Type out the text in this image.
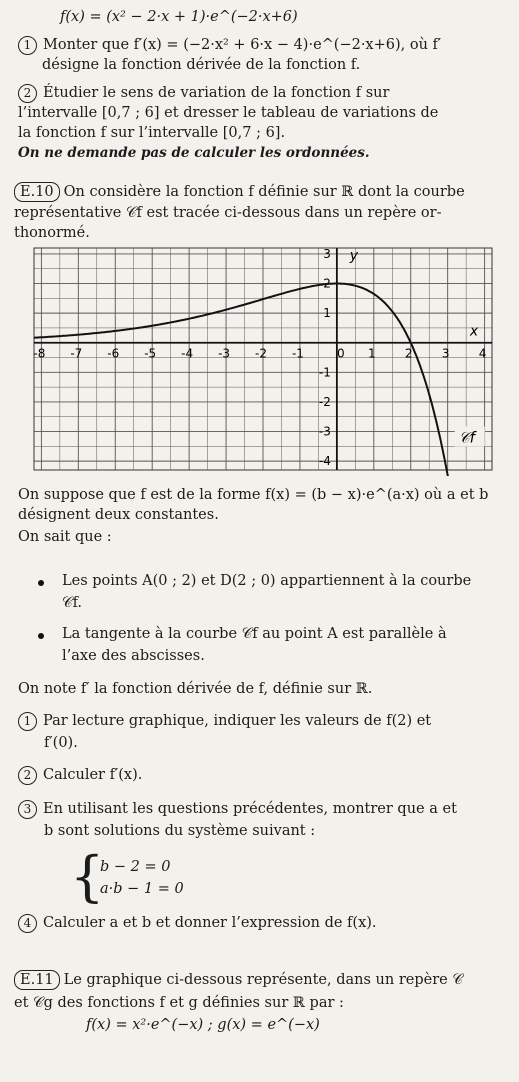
f(x) = (x² − 2·x + 1)·e^(−2·x+6)
1 Monter que f′(x) = (−2·x² + 6·x − 4)·e^(−2·x+6), où f′
désigne la fonction dérivée de la fonction f.
2 Étudier le sens de variation de la fonction f sur
l’intervalle [0,7 ; 6] et dresser le tableau de variations de
la fonction f sur l’intervalle [0,7 ; 6].
On ne demande pas de calculer les ordonnées.
E.10 On considère la fonction f définie sur ℝ dont la courbe
représentative 𝒞f est tracée ci-dessous dans un repère or-
thonormé.
-8 -7 -6 -5 -4 -3 -2 -1	0 1 2 3 4
3
2
1
-1
-2
-3
-4
x
y
𝒞f
On suppose que f est de la forme f(x) = (b − x)·e^(a·x) où a et b
désignent deux constantes.
On sait que :
Les points A(0 ; 2) et D(2 ; 0) appartiennent à la courbe
𝒞f.
La tangente à la courbe 𝒞f au point A est parallèle à
l’axe des abscisses.
On note f′ la fonction dérivée de f, définie sur ℝ.
1 Par lecture graphique, indiquer les valeurs de f(2) et
f′(0).
2 Calculer f′(x).
3 En utilisant les questions précédentes, montrer que a et
b sont solutions du système suivant :
{
b − 2 = 0
a·b − 1 = 0
4 Calculer a et b et donner l’expression de f(x).
E.11 Le graphique ci-dessous représente, dans un repère 𝒞
et 𝒞g des fonctions f et g définies sur ℝ par :
f(x) = x²·e^(−x) ; g(x) = e^(−x)
